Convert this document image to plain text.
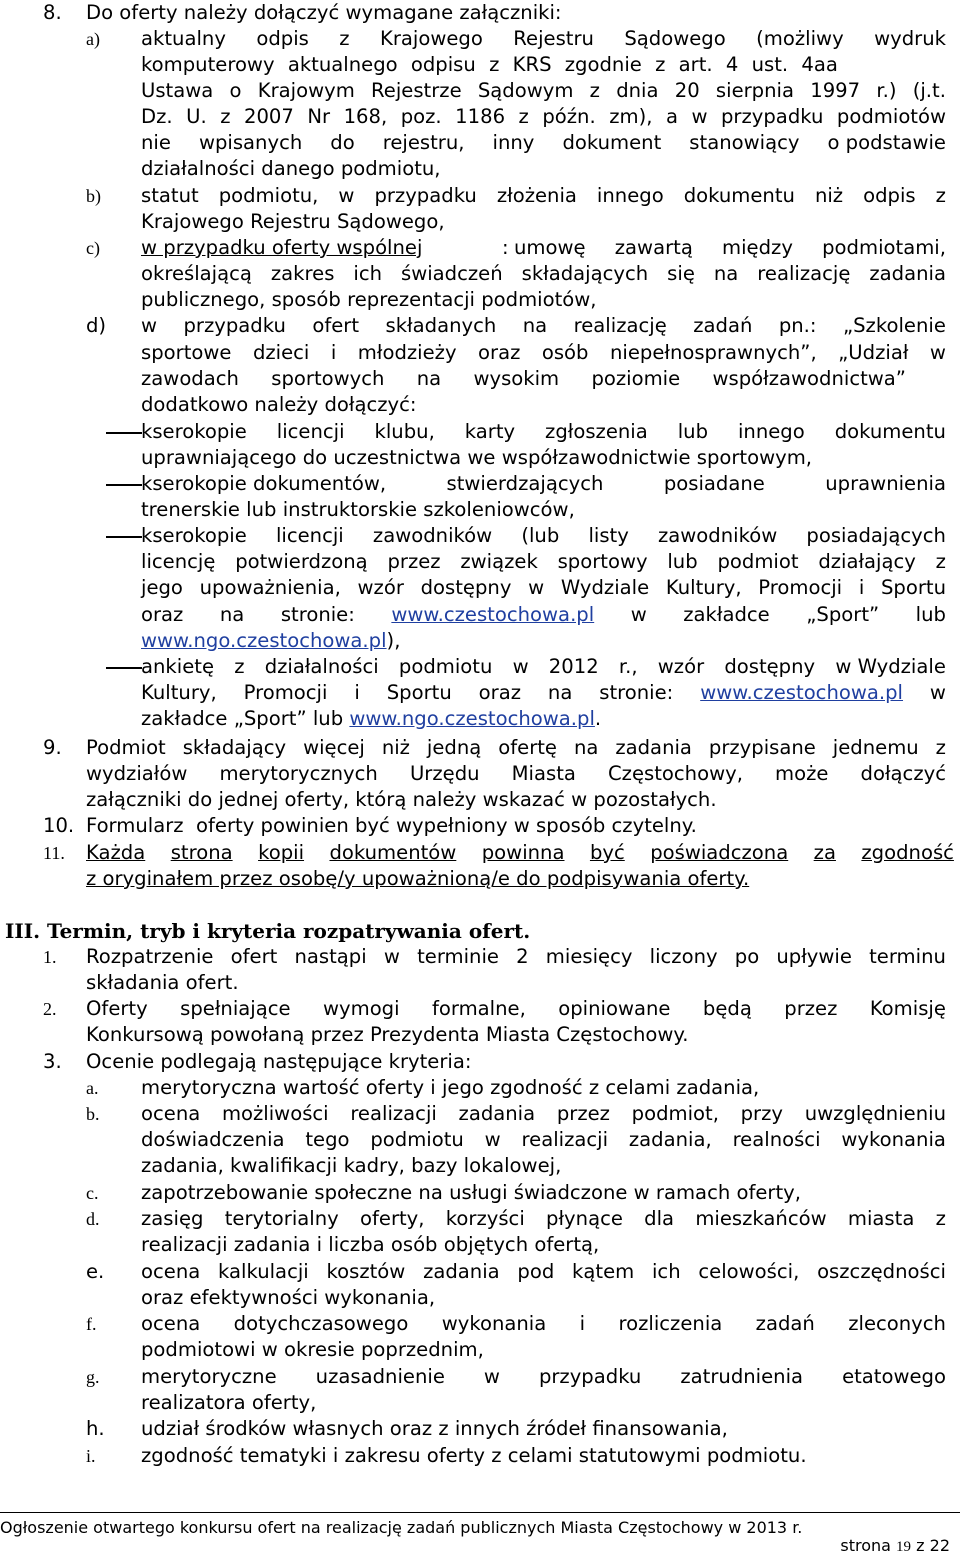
8. Do oferty należy dołączyć wymagane załączniki:
a) aktualny odpis z Krajowego Rejestru Sądowego (możliwy wydruk
komputerowy aktualnego odpisu z KRS zgodnie z art. 4 ust. 4aa
Ustawa o Krajowym Rejestrze Sądowym z dnia 20 sierpnia 1997 r.) (j.t.
Dz. U. z 2007 Nr 168, poz. 1186 z późn. zm), a w przypadku podmiotów
nie wpisanych do rejestru, inny dokument stanowiący o podstawie
działalności danego podmiotu,
b) statut podmiotu, w przypadku złożenia innego dokumentu niż odpis z
Krajowego Rejestru Sądowego,
c) w przypadku oferty wspólnej	: umowę zawartą między podmiotami,
określającą zakres ich świadczeń składających się na realizację zadania
publicznego, sposób reprezentacji podmiotów,
d) w przypadku ofert składanych na realizację zadań pn.: „Szkolenie
sportowe dzieci i młodzieży oraz osób niepełnosprawnych”, „Udział w
zawodach sportowych na wysokim poziomie współzawodnictwa”
dodatkowo należy dołączyć:
kserokopie licencji klubu, karty zgłoszenia lub innego dokumentu
uprawniającego do uczestnictwa we współzawodnictwie sportowym,
kserokopie dokumentów,	stwierdzających	posiadane	uprawnienia
trenerskie lub instruktorskie szkoleniowców,
kserokopie licencji zawodników (lub listy zawodników posiadających
licencję potwierdzoną przez związek sportowy lub podmiot działający z
jego upoważnienia, wzór dostępny w Wydziale Kultury, Promocji i Sportu
oraz na stronie: www.czestochowa.pl w zakładce „Sport” lub
www.ngo.czestochowa.pl),
ankietę z działalności podmiotu w 2012 r., wzór dostępny w Wydziale
Kultury, Promocji i Sportu oraz na stronie: www.czestochowa.pl w
zakładce „Sport” lub www.ngo.czestochowa.pl.
9. Podmiot składający więcej niż jedną ofertę na zadania przypisane jednemu z
wydziałów merytorycznych Urzędu Miasta Częstochowy, może dołączyć
załączniki do jednej oferty, którą należy wskazać w pozostałych.
10. Formularz  oferty powinien być wypełniony w sposób czytelny.
11. Każda strona kopii dokumentów powinna być poświadczona za zgodność
z oryginałem przez osobę/y upoważnioną/e do podpisywania oferty.
III. Termin, tryb i kryteria rozpatrywania ofert.
1. Rozpatrzenie ofert nastąpi w terminie 2 miesięcy liczony po upływie terminu
składania ofert.
2. Oferty spełniające wymogi formalne, opiniowane będą przez Komisję
Konkursową powołaną przez Prezydenta Miasta Częstochowy.
3. Ocenie podlegają następujące kryteria:
a. merytoryczna wartość oferty i jego zgodność z celami zadania,
b. ocena możliwości realizacji zadania przez podmiot, przy uwzględnieniu
doświadczenia tego podmiotu w realizacji zadania, realności wykonania
zadania, kwalifikacji kadry, bazy lokalowej,
c. zapotrzebowanie społeczne na usługi świadczone w ramach oferty,
d. zasięg terytorialny oferty, korzyści płynące dla mieszkańców miasta z
realizacji zadania i liczba osób objętych ofertą,
e. ocena kalkulacji kosztów zadania pod kątem ich celowości, oszczędności
oraz efektywności wykonania,
f. ocena dotychczasowego wykonania i rozliczenia zadań zleconych
podmiotowi w okresie poprzednim,
g. merytoryczne uzasadnienie w przypadku zatrudnienia etatowego
realizatora oferty,
h. udział środków własnych oraz z innych źródeł finansowania,
i. zgodność tematyki i zakresu oferty z celami statutowymi podmiotu.
Ogłoszenie otwartego konkursu ofert na realizację zadań publicznych Miasta Częstochowy w 2013 r.
strona 19 z 22
